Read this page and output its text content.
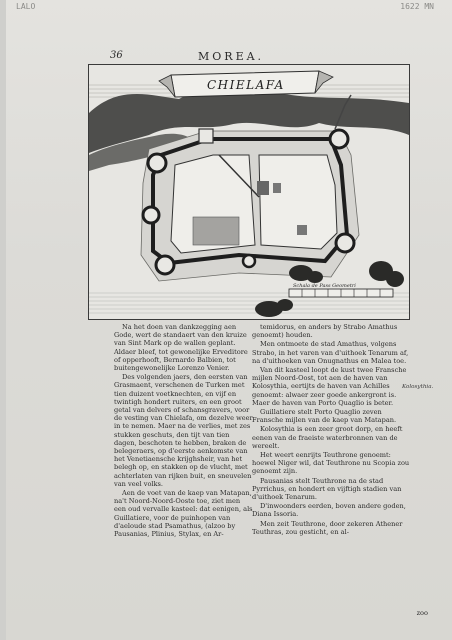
LALO	1622 MN
36	MOREA.
CHIELAFA
Schala de Pass Geometri

Na het doen van dankzegging aen Gode, wert de standaert van den kruize van Sint Mark op de wallen geplant. Aldaer bleef, tot gewonelijke Erveditore of opperhooft, Bernardo Balbien, tot buitengewonelijke Lorenzo Venier.

Des volgenden jaers, den eersten van Grasmaent, verschenen de Turken met tien duizent voetknechten, en vijf en twintigh hondert ruiters, en een groot getal van delvers of schansgravers, voor de vesting van Chielafa, om dezelve weer in te nemen. Maer na de verlies, met zes stukken geschuts, den tijt van tien dagen, beschoten te hebben, braken de belegeraers, op d'eerste aenkomste van het Venetiaensche krijghsheir, van het belegh op, en stakken op de vlucht, met achterlaten van rijken buit, en sneuvelen van veel volks.

Aen de voet van de kaep van Matapan, na't Noord-Noord-Ooste toe, ziet men een oud vervalle kasteel: dat eenigen, als Guillatiere, voor de puinhopen van d'aeloude stad Psamathus, (alzoo by Pausanias, Plinius, Stylax, en Ar-

temidorus, en anders by Strabo Amathus genoemt) houden.

Men ontmoete de stad Amathus, volgens Strabo, in het varen van d'uithoek Tenarum af, na d'uithoeken van Onugnathus en Malea toe.

Van dit kasteel loopt de kust twee Fransche mijlen Noord-Oost, tot aen de haven van Kolosythia, eertijts de haven van Achilles genoemt: alwaer zeer goede ankergront is. Maer de haven van Porto Quaglio is beter.

Guillatiere stelt Porto Quaglio zeven Fransche mijlen van de kaep van Matapan.

Kolosythia is een zeer groot dorp, en heeft eenen van de fraeiste waterbronnen van de wereelt.

Het weert eenrijts Teuthrone genoemt: hoewel Niger wil, dat Teuthrone nu Scopia zou genoemt zijn.

Pausanias stelt Teuthrone na de stad Pyrrichus, en hondert en vijftigh stadien van d'uithoek Tenarum.

D'inwoonders eerden, boven andere goden, Diana Issoria.

Men zeit Teuthrone, door zekeren Athener Teuthras, zou gesticht, en al-

Kolosythia.
zoo
